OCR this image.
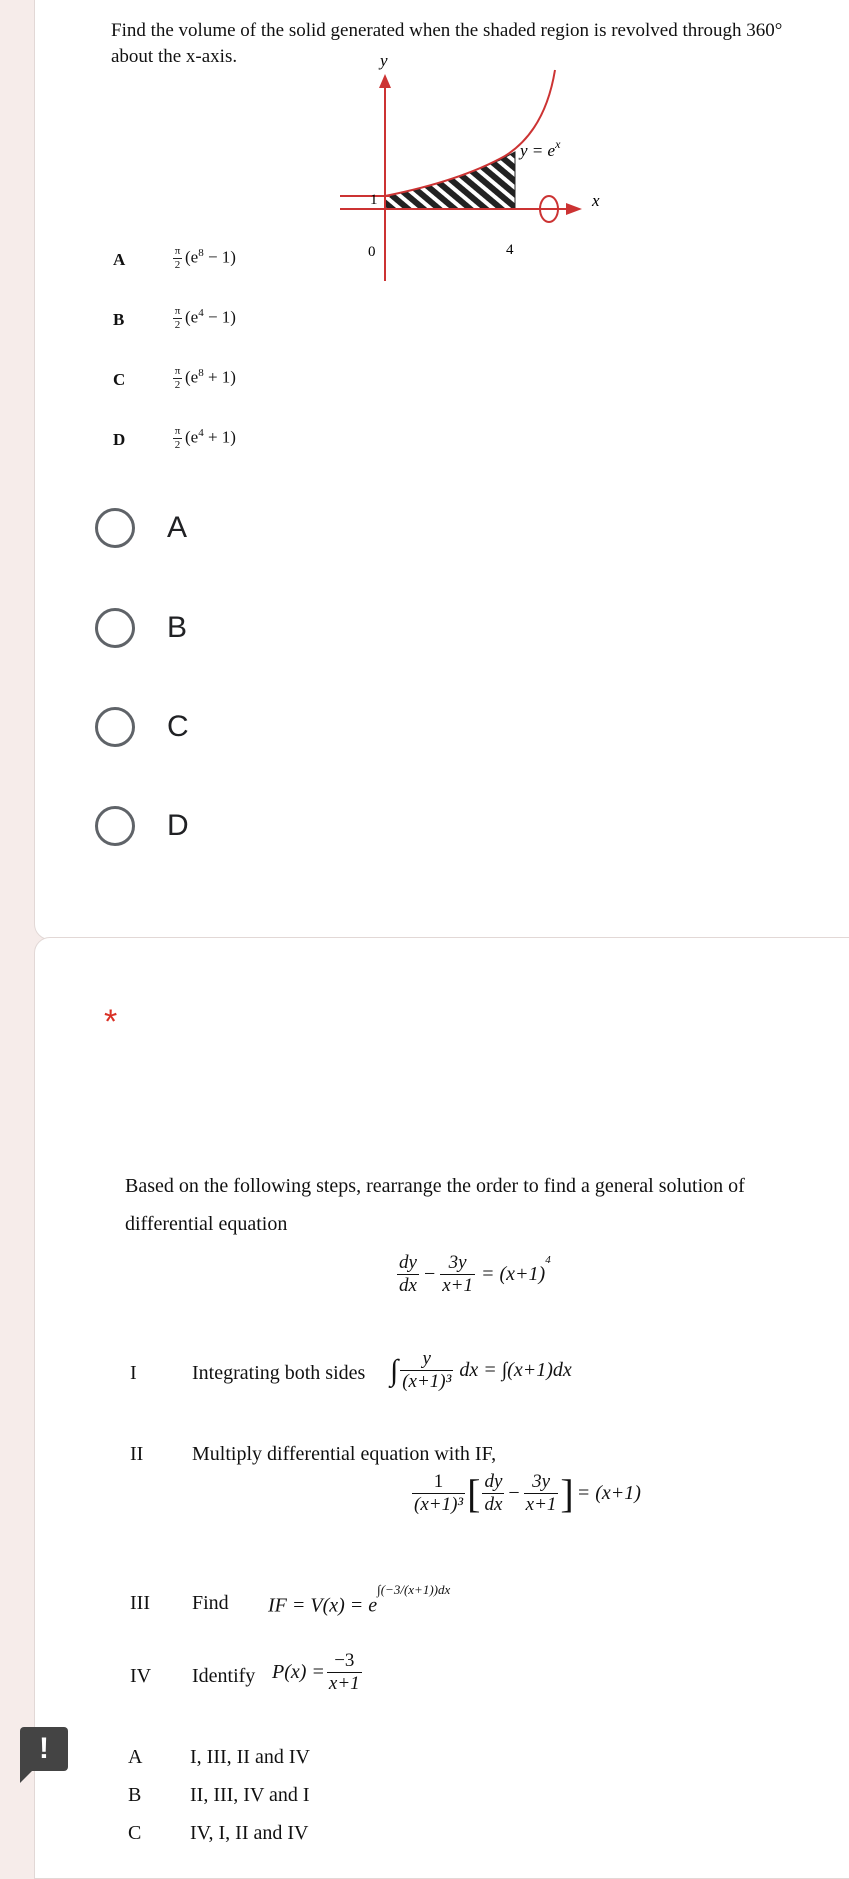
Find the volume of the solid generated when the shaded region is revolved through 360°
about the x-axis.	y
x
$y = e^x$
1
0	4
A	$\frac{\pi}{2} (e^8 - 1)$
B	$\frac{\pi}{2} (e^4 - 1)$
C	$\frac{\pi}{2} (e^8 + 1)$
D	$\frac{\pi}{2} (e^4 + 1)$
A
B
C
D
*
Based on the following steps, rearrange the order to find a general solution of
differential equation
$\frac{dy}{dx} - \frac{3y}{x+1} = (x+1)$
$^4$
I	Integrating both sides ∫ $\frac{y}{\text{(x+1)³}}$ dx = ∫(x+1)dx
II Multiply differential equation with IF,
$\frac{1}{\text{(x+1)³}}$ [ $\frac{dy}{dx} - \frac{3y}{x+1}$ ] = (x+1)
III Find IF = $V(x) = e^{\int(-3/(x+1))dx}$
IV Identify $P(x) = \frac{-3}{x+1}$
A I, III, II and IV
B II, III, IV and I
C IV, I, II and IV
!
